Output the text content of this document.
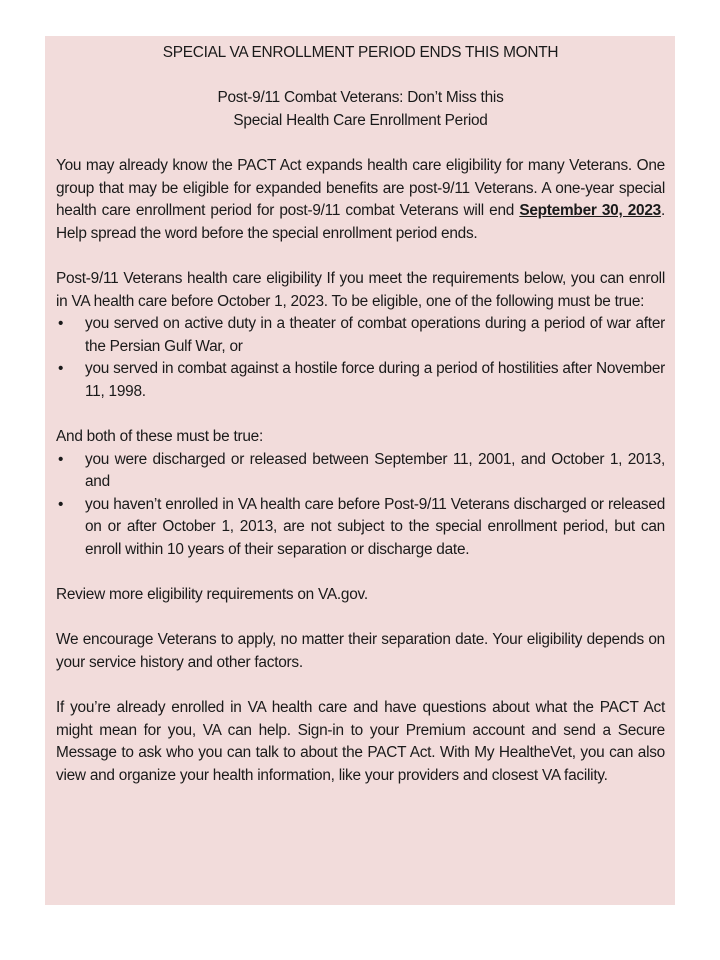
SPECIAL VA ENROLLMENT PERIOD ENDS THIS MONTH
Post-9/11 Combat Veterans: Don’t Miss this
Special Health Care Enrollment Period

You may already know the PACT Act expands health care eligibility for many Veterans. One group that may be eligible for expanded benefits are post-9/11 Veterans. A one-year special health care enrollment period for post-9/11 combat Veterans will end September 30, 2023. Help spread the word before the special enrollment period ends.

Post-9/11 Veterans health care eligibility If you meet the requirements below, you can enroll in VA health care before October 1, 2023. To be eligible, one of the following must be true:
• you served on active duty in a theater of combat operations during a period of war after the Persian Gulf War, or
• you served in combat against a hostile force during a period of hostilities after November 11, 1998.
And both of these must be true:
• you were discharged or released between September 11, 2001, and October 1, 2013, and
• you haven’t enrolled in VA health care before Post-9/11 Veterans discharged or released on or after October 1, 2013, are not subject to the special enrollment period, but can enroll within 10 years of their separation or discharge date.

Review more eligibility requirements on VA.gov.

We encourage Veterans to apply, no matter their separation date. Your eligibility depends on your service history and other factors.

If you’re already enrolled in VA health care and have questions about what the PACT Act might mean for you, VA can help. Sign-in to your Premium account and send a Secure Message to ask who you can talk to about the PACT Act. With My HealtheVet, you can also view and organize your health information, like your providers and closest VA facility.
